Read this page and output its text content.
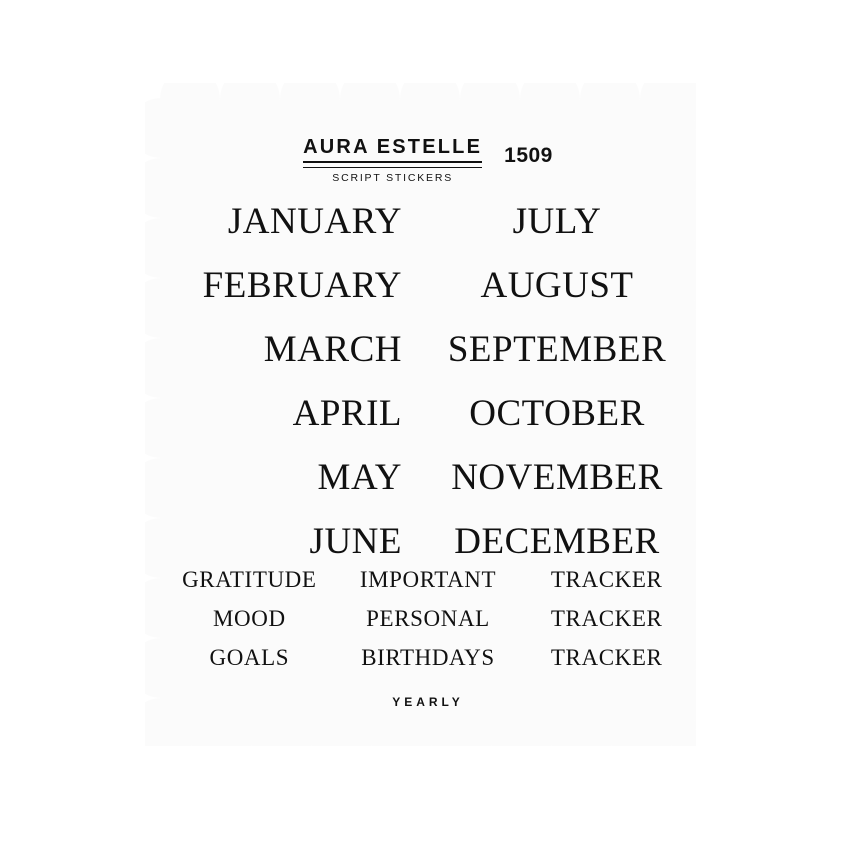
AURA ESTELLE
SCRIPT STICKERS
1509
JANUARY	JULY
FEBRUARY	AUGUST
MARCH	SEPTEMBER
APRIL	OCTOBER
MAY	NOVEMBER
JUNE	DECEMBER
GRATITUDE	IMPORTANT	TRACKER
MOOD	PERSONAL	TRACKER
GOALS	BIRTHDAYS	TRACKER
YEARLY
